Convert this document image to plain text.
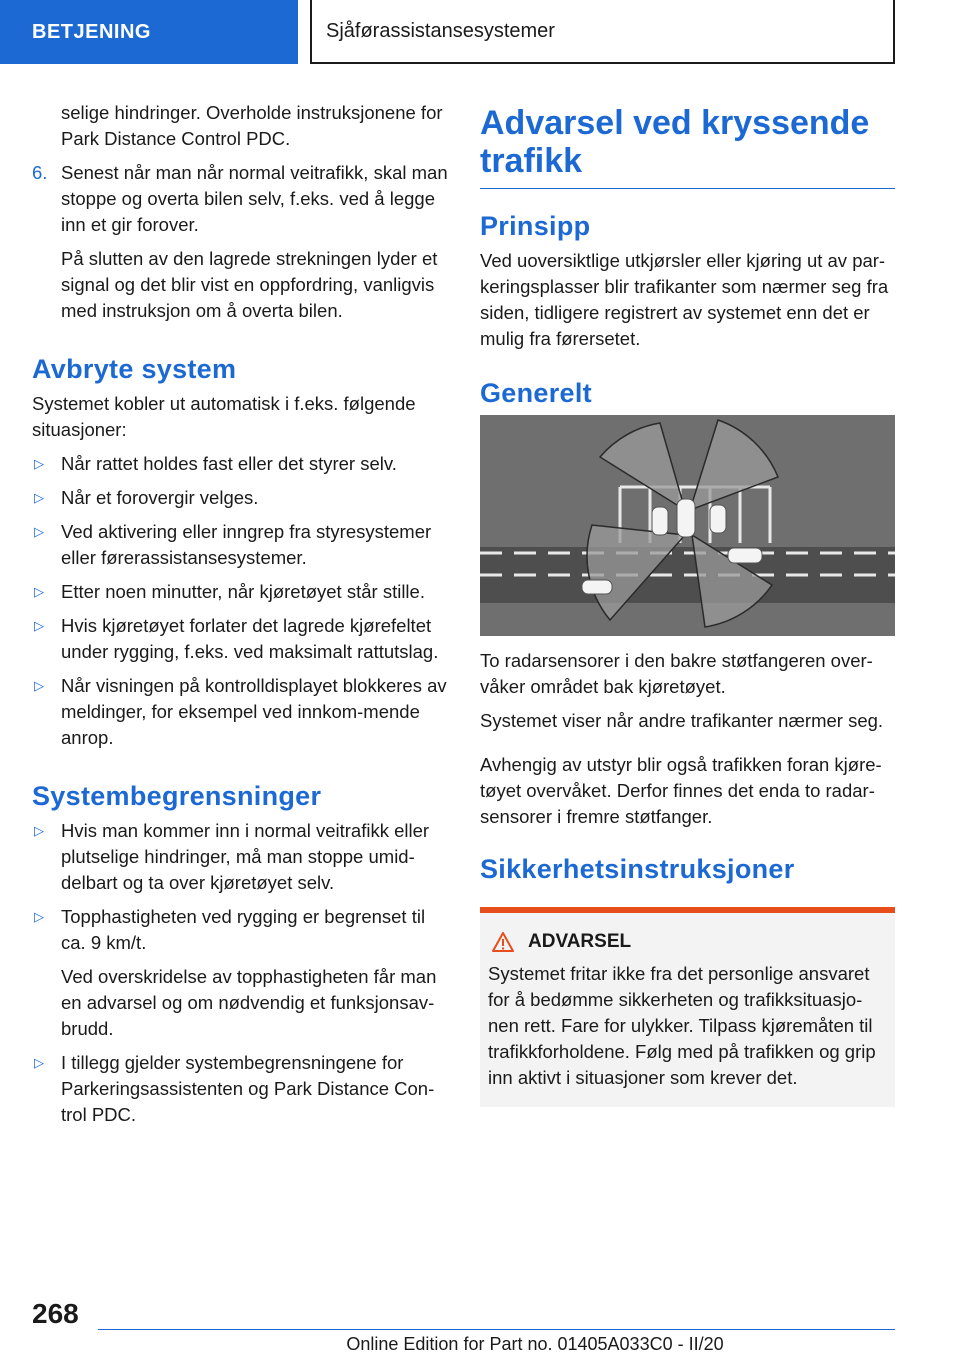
BETJENING	Sjåførassistansesystemer

selige hindringer. Overholde instruksjonene for Park Distance Control PDC.

6. Senest når man når normal veitrafikk, skal man stoppe og overta bilen selv, f.eks. ved å legge inn et gir forover.

På slutten av den lagrede strekningen lyder et signal og det blir vist en oppfordring, vanligvis med instruksjon om å overta bilen.

Avbryte system

Systemet kobler ut automatisk i f.eks. følgende situasjoner:

▷ Når rattet holdes fast eller det styrer selv.
▷ Når et forovergir velges.
▷ Ved aktivering eller inngrep fra styresystemer eller førerassistansesystemer.
▷ Etter noen minutter, når kjøretøyet står stille.
▷ Hvis kjøretøyet forlater det lagrede kjørefeltet under rygging, f.eks. ved maksimalt rattutslag.
▷ Når visningen på kontrolldisplayet blokkeres av meldinger, for eksempel ved innkom-mende anrop.
Systembegrensninger
▷ Hvis man kommer inn i normal veitrafikk eller plutselige hindringer, må man stoppe umid-delbart og ta over kjøretøyet selv.
▷ Topphastigheten ved rygging er begrenset til ca. 9 km/t.

Ved overskridelse av topphastigheten får man en advarsel og om nødvendig et funksjonsav-brudd.

▷ I tillegg gjelder systembegrensningene for Parkeringsassistenten og Park Distance Con-trol PDC.
Advarsel ved kryssende trafikk
Prinsipp

Ved uoversiktlige utkjørsler eller kjøring ut av par-keringsplasser blir trafikanter som nærmer seg fra siden, tidligere registrert av systemet enn det er mulig fra førersetet.

Generelt

To radarsensorer i den bakre støtfangeren over-våker området bak kjøretøyet.

Systemet viser når andre trafikanter nærmer seg.

Avhengig av utstyr blir også trafikken foran kjøre-tøyet overvåket. Derfor finnes det enda to radar-sensorer i fremre støtfanger.

Sikkerhetsinstruksjoner
ADVARSEL

Systemet fritar ikke fra det personlige ansvaret for å bedømme sikkerheten og trafikksituasjo-nen rett. Fare for ulykker. Tilpass kjøremåten til trafikkforholdene. Følg med på trafikken og grip inn aktivt i situasjoner som krever det.

268
Online Edition for Part no. 01405A033C0 - II/20
